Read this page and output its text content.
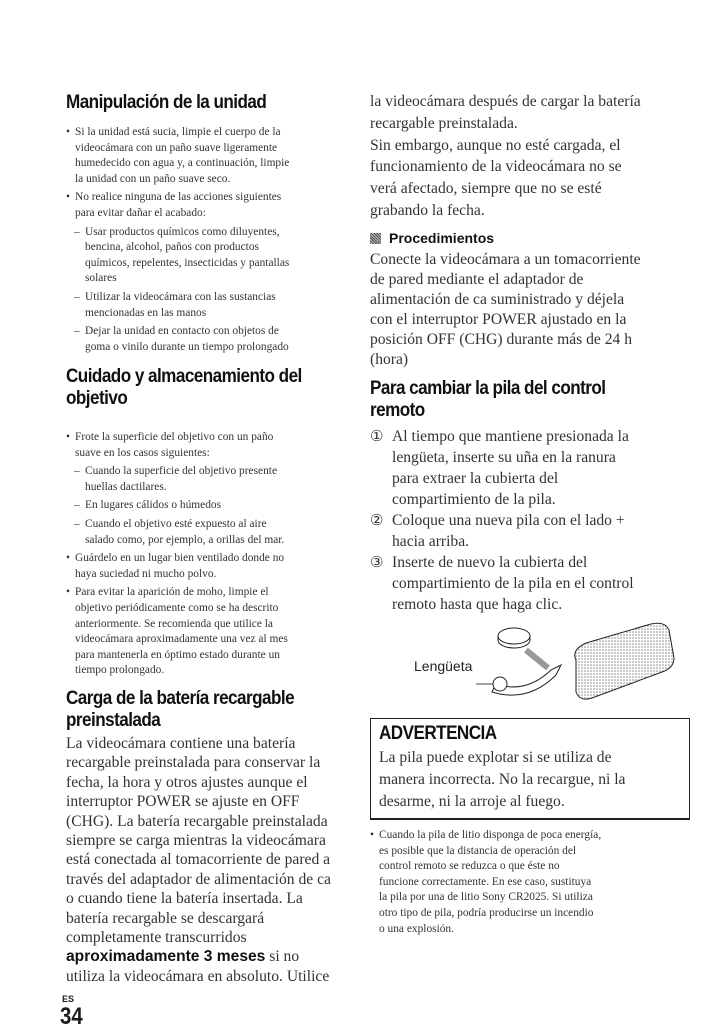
Manipulación de la unidad
• Si la unidad está sucia, limpie el cuerpo de la
videocámara con un paño suave ligeramente
humedecido con agua y, a continuación, limpie
la unidad con un paño suave seco.
• No realice ninguna de las acciones siguientes
para evitar dañar el acabado:
– Usar productos químicos como diluyentes,
bencina, alcohol, paños con productos
químicos, repelentes, insecticidas y pantallas
solares
– Utilizar la videocámara con las sustancias
mencionadas en las manos
– Dejar la unidad en contacto con objetos de
goma o vinilo durante un tiempo prolongado
Cuidado y almacenamiento del
objetivo
• Frote la superficie del objetivo con un paño
suave en los casos siguientes:
– Cuando la superficie del objetivo presente
huellas dactilares.
– En lugares cálidos o húmedos
– Cuando el objetivo esté expuesto al aire
salado como, por ejemplo, a orillas del mar.
• Guárdelo en un lugar bien ventilado donde no
haya suciedad ni mucho polvo.
• Para evitar la aparición de moho, limpie el
objetivo periódicamente como se ha descrito
anteriormente. Se recomienda que utilice la
videocámara aproximadamente una vez al mes
para mantenerla en óptimo estado durante un
tiempo prolongado.
Carga de la batería recargable
preinstalada
La videocámara contiene una batería
recargable preinstalada para conservar la
fecha, la hora y otros ajustes aunque el
interruptor POWER se ajuste en OFF
(CHG). La batería recargable preinstalada
siempre se carga mientras la videocámara
está conectada al tomacorriente de pared a
través del adaptador de alimentación de ca
o cuando tiene la batería insertada. La
batería recargable se descargará
completamente transcurridos
aproximadamente 3 meses si no
utiliza la videocámara en absoluto. Utilice
la videocámara después de cargar la batería
recargable preinstalada.
Sin embargo, aunque no esté cargada, el
funcionamiento de la videocámara no se
verá afectado, siempre que no se esté
grabando la fecha.
Procedimientos
Conecte la videocámara a un tomacorriente
de pared mediante el adaptador de
alimentación de ca suministrado y déjela
con el interruptor POWER ajustado en la
posición OFF (CHG) durante más de 24 h
(hora)
Para cambiar la pila del control
remoto
① Al tiempo que mantiene presionada la
lengüeta, inserte su uña en la ranura
para extraer la cubierta del
compartimiento de la pila.
② Coloque una nueva pila con el lado +
hacia arriba.
③ Inserte de nuevo la cubierta del
compartimiento de la pila en el control
remoto hasta que haga clic.
Lengüeta
ADVERTENCIA
La pila puede explotar si se utiliza de
manera incorrecta. No la recargue, ni la
desarme, ni la arroje al fuego.
• Cuando la pila de litio disponga de poca energía,
es posible que la distancia de operación del
control remoto se reduzca o que éste no
funcione correctamente. En ese caso, sustituya
la pila por una de litio Sony CR2025. Si utiliza
otro tipo de pila, podría producirse un incendio
o una explosión.
ES
34
